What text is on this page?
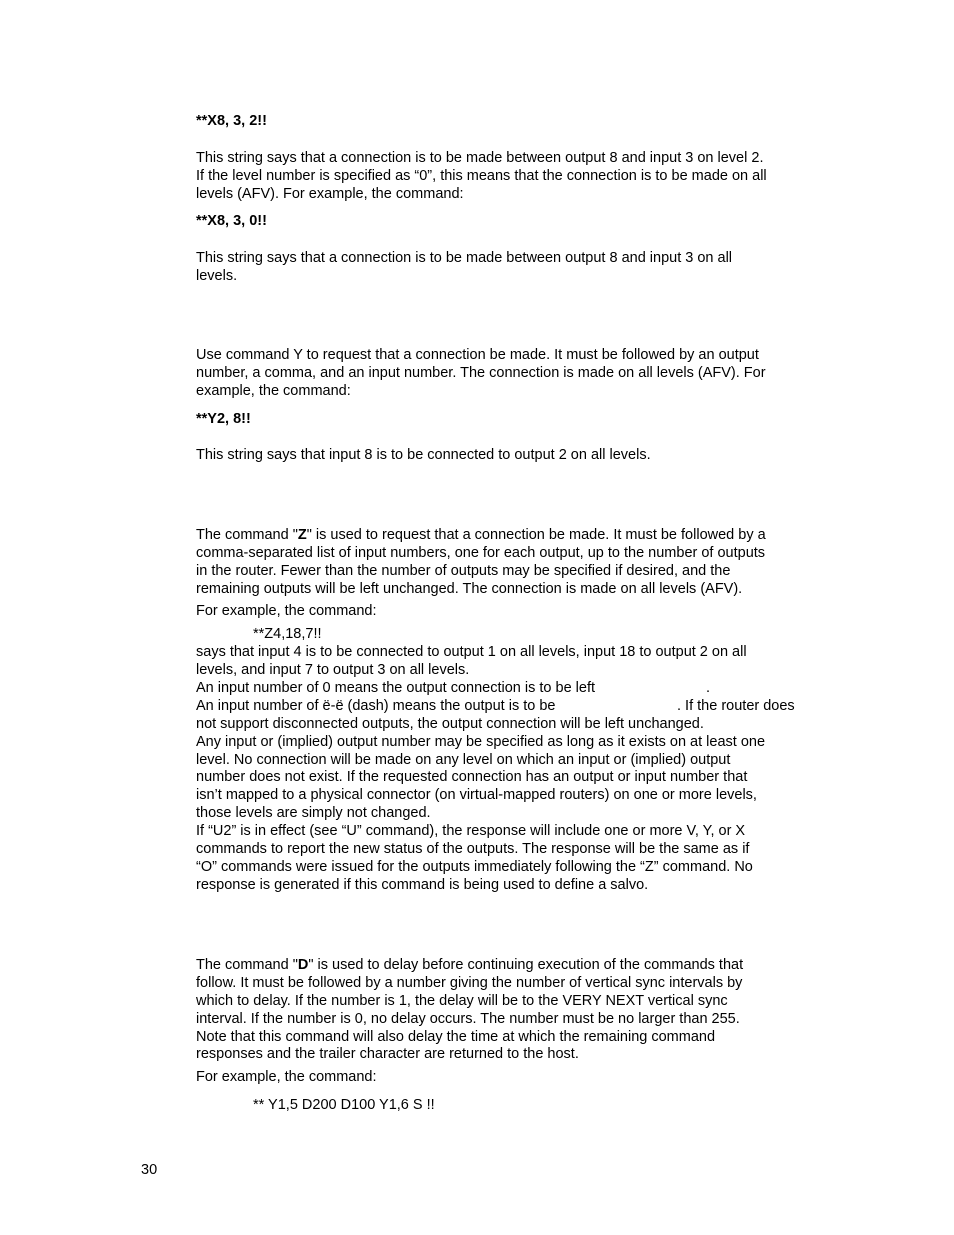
**X8, 3, 2!!
This string says that a connection is to be made between output 8 and input 3 on level 2.
If the level number is specified as “0”, this means that the connection is to be made on all
levels (AFV). For example, the command:
**X8, 3, 0!!
This string says that a connection is to be made between output 8 and input 3 on all
levels.
Use command Y to request that a connection be made. It must be followed by an output
number, a comma, and an input number. The connection is made on all levels (AFV). For
example, the command:
**Y2, 8!!
This string says that input 8 is to be connected to output 2 on all levels.
The command "Z" is used to request that a connection be made. It must be followed by a
comma-separated list of input numbers, one for each output, up to the number of outputs
in the router. Fewer than the number of outputs may be specified if desired, and the
remaining outputs will be left unchanged. The connection is made on all levels (AFV).
For example, the command:
**Z4,18,7!!
says that input 4 is to be connected to output 1 on all levels, input 18 to output 2 on all
levels, and input 7 to output 3 on all levels.
An input number of 0 means the output connection is to be left	.
An input number of ë-ë (dash) means the output is to be	. If the router does
not support disconnected outputs, the output connection will be left unchanged.
Any input or (implied) output number may be specified as long as it exists on at least one
level. No connection will be made on any level on which an input or (implied) output
number does not exist. If the requested connection has an output or input number that
isn’t mapped to a physical connector (on virtual-mapped routers) on one or more levels,
those levels are simply not changed.
If “U2” is in effect (see “U” command), the response will include one or more V, Y, or X
commands to report the new status of the outputs. The response will be the same as if
“O” commands were issued for the outputs immediately following the “Z” command. No
response is generated if this command is being used to define a salvo.
The command "D" is used to delay before continuing execution of the commands that
follow. It must be followed by a number giving the number of vertical sync intervals by
which to delay. If the number is 1, the delay will be to the VERY NEXT vertical sync
interval. If the number is 0, no delay occurs. The number must be no larger than 255.
Note that this command will also delay the time at which the remaining command
responses and the trailer character are returned to the host.
For example, the command:
** Y1,5 D200 D100 Y1,6 S !!
30
